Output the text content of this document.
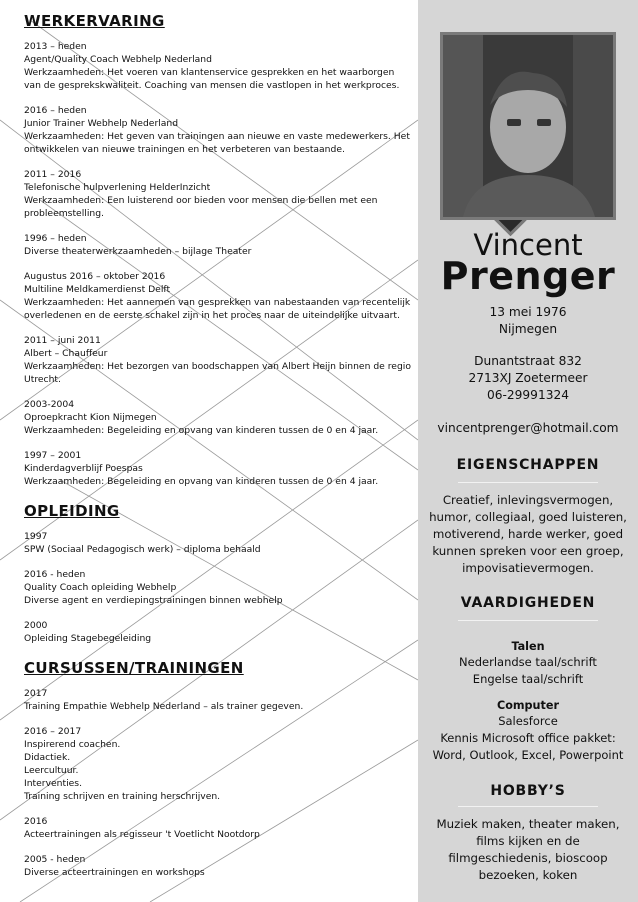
WERKERVARING
2013 – heden
Agent/Quality Coach Webhelp Nederland
Werkzaamheden: Het voeren van klantenservice gesprekken en het waarborgen van de gesprekskwaliteit. Coaching van mensen die vastlopen in het werkproces.
2016 – heden
Junior Trainer Webhelp Nederland
Werkzaamheden: Het geven van trainingen aan nieuwe en vaste medewerkers. Het ontwikkelen van nieuwe trainingen en het verbeteren van bestaande.
2011 – 2016
Telefonische hulpverlening HelderInzicht
Werkzaamheden: Een luisterend oor bieden voor mensen die bellen met een probleemstelling.
1996 – heden
Diverse theaterwerkzaamheden – bijlage Theater
Augustus 2016 – oktober 2016
Multiline Meldkamerdienst Delft
Werkzaamheden: Het aannemen van gesprekken van nabestaanden van recentelijk overledenen en de eerste schakel zijn in het proces naar de uiteindelijke uitvaart.
2011 – juni 2011
Albert – Chauffeur
Werkzaamheden: Het bezorgen van boodschappen van Albert Heijn binnen de regio Utrecht.
2003-2004
Oproepkracht Kion Nijmegen
Werkzaamheden: Begeleiding en opvang van kinderen tussen de 0 en 4 jaar.
1997 – 2001
Kinderdagverblijf Poespas
Werkzaamheden: Begeleiding en opvang van kinderen tussen de 0 en 4 jaar.
OPLEIDING
1997
SPW (Sociaal Pedagogisch werk) – diploma behaald
2016 - heden
Quality Coach opleiding Webhelp
Diverse agent en verdiepingstrainingen binnen webhelp
2000
Opleiding Stagebegeleiding
CURSUSSEN/TRAININGEN
2017
Training Empathie Webhelp Nederland – als trainer gegeven.
2016 – 2017
Inspirerend coachen.
Didactiek.
Leercultuur.
Interventies.
Training schrijven en training herschrijven.
2016
Acteertrainingen als regisseur 't Voetlicht Nootdorp
2005 - heden
Diverse acteertrainingen en workshops
Vincent
Prenger
13 mei 1976
Nijmegen
Dunantstraat 832
2713XJ Zoetermeer
06-29991324
vincentprenger@hotmail.com
EIGENSCHAPPEN
Creatief, inlevingsvermogen,
humor, collegiaal, goed luisteren,
motiverend, harde werker, goed
kunnen spreken voor een groep,
impovisatievermogen.
VAARDIGHEDEN
Talen
Nederlandse taal/schrift
Engelse taal/schrift
Computer
Salesforce
Kennis Microsoft office pakket:
Word, Outlook, Excel, Powerpoint
HOBBY’S
Muziek maken, theater maken,
films kijken en de
filmgeschiedenis, bioscoop
bezoeken, koken
